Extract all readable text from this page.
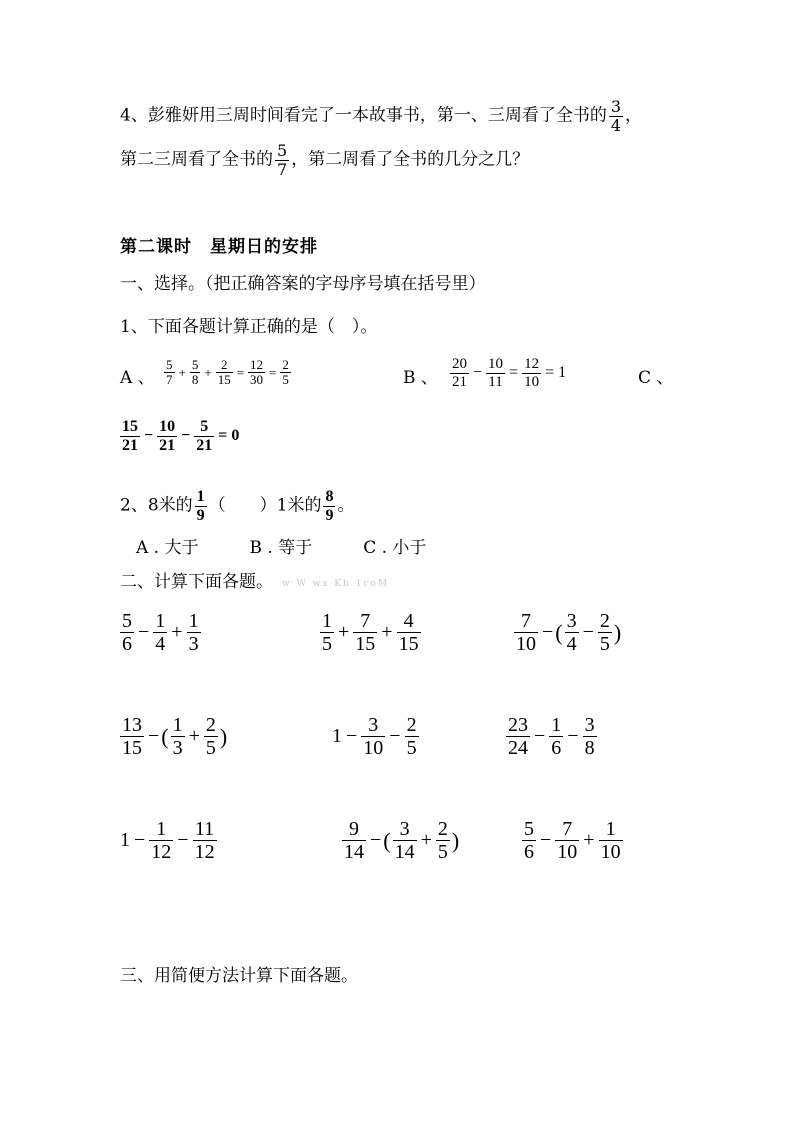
4、彭雅妍用三周时间看完了一本故事书，第一、三周看了全书的 $\frac{3}{4}$ ，
第二三周看了全书的 $\frac{5}{7}$ ，第二周看了全书的几分之几？
第二课时　星期日的安排
一、选择。（把正确答案的字母序号填在括号里）
1、下面各题计算正确的是（　）。
A 、 $\frac{5}{7} + \frac{5}{8} + \frac{2}{15} = \frac{12}{30} = \frac{2}{5}$	B 、 $\frac{20}{21} - \frac{10}{11} = \frac{12}{10} = 1$	C 、
$\frac{15}{21} - \frac{10}{21} - \frac{5}{21} = 0$
2、8米的 $\frac{1}{9}$ （　　）1米的 $\frac{8}{9}$ 。
A . 大于　　　B . 等于　　　C . 小于
二、计算下面各题。 w W wx Kb 1coM
$\frac{5}{6} - \frac{1}{4} + \frac{1}{3}$	$\frac{1}{5} + \frac{7}{15} + \frac{4}{15}$	$\frac{7}{10}$ −( $\frac{3}{4} - \frac{2}{5}$ )
$\frac{13}{15}$ −( $\frac{1}{3} + \frac{2}{5}$ )	$1 - \frac{3}{10} - \frac{2}{5}$	$\frac{23}{24} - \frac{1}{6} - \frac{3}{8}$
$1 - \frac{1}{12} - \frac{11}{12}$	$\frac{9}{14}$ −( $\frac{3}{14} + \frac{2}{5}$ )	$\frac{5}{6} - \frac{7}{10} + \frac{1}{10}$
三、用简便方法计算下面各题。
